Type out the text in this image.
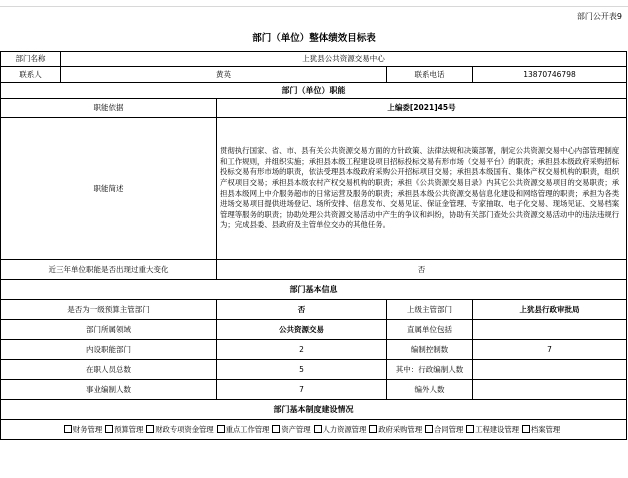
部门公开表9
部门（单位）整体绩效目标表
部门名称	上犹县公共资源交易中心			
联系人	黄英		联系电话	13870746798
部门（单位）职能				
职能依据		上编委[2021]45号		
职能简述		贯彻执行国家、省、市、县有关公共资源交易方面的方针政策、法律法规和决策部署，制定公共资源交易中心内部管理制度和工作规则，并组织实施；承担县本级工程建设项目招标投标交易有形市场（交易平台）的职责；承担县本级政府采购招标投标交易有形市场的职责，依法受理县本级政府采购公开招标项目交易；承担县本级国有、集体产权交易机构的职责，组织产权项目交易；承担县本级农村产权交易机构的职责；承担《公共资源交易目录》内其它公共资源交易项目的交易职责；承担县本级网上中介服务超市的日常运营及服务的职责；承担县本级公共资源交易信息化建设和网络管理的职责；承担为各类进场交易项目提供进场登记、场所安排、信息发布、交易见证、保证金管理、专家抽取、电子化交易、现场见证、交易档案管理等服务的职责；协助处理公共资源交易活动中产生的争议和纠纷，协助有关部门查处公共资源交易活动中的违法违规行为；完成县委、县政府及主管单位交办的其他任务。		
近三年单位职能是否出现过重大变化		否		
部门基本信息				
是否为一级预算主管部门		否	上级主管部门	上犹县行政审批局
部门所属领域		公共资源交易	直属单位包括	
内设职能部门		2	编制控制数	7
在职人员总数		5	其中：行政编制人数	
事业编制人数		7	编外人数	
部门基本制度建设情况				
财务管理 预算管理 财政专项资金管理 重点工作管理 资产管理 人力资源管理 政府采购管理 合同管理 工程建设管理 档案管理				
